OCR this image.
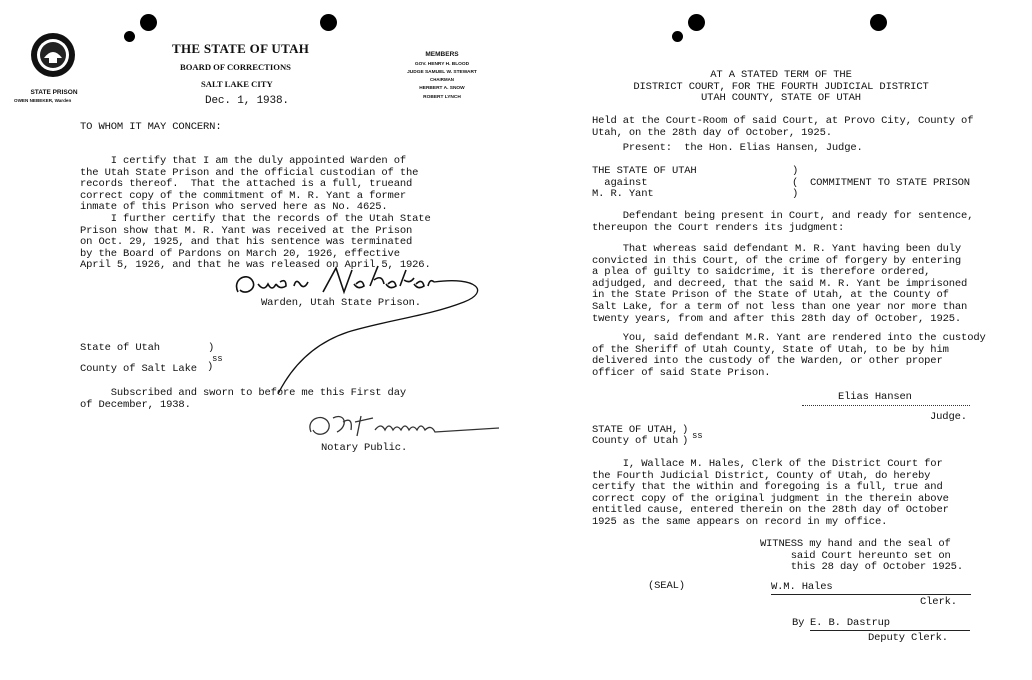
STATE PRISON
OWEN NEBEKER, Warden
THE STATE OF UTAH
BOARD OF CORRECTIONS
SALT LAKE CITY
Dec. 1, 1938.
MEMBERS
GOV. HENRY H. BLOOD
JUDGE SAMUEL W. STEWART
CHAIRMAN
HERBERT A. SNOW
ROBERT LYNCH
TO WHOM IT MAY CONCERN:
I certify that I am the duly appointed Warden of
the Utah State Prison and the official custodian of the
records thereof.  That the attached is a full, trueand
correct copy of the commitment of M. R. Yant a former
inmate of this Prison who served here as No. 4625.
I further certify that the records of the Utah State
Prison show that M. R. Yant was received at the Prison
on Oct. 29, 1925, and that his sentence was terminated
by the Board of Pardons on March 20, 1926, effective
April 5, 1926, and that he was released on April 5, 1926.
Warden, Utah State Prison.
State of Utah	)
ss
County of Salt Lake )
Subscribed and sworn to before me this First day
of December, 1938.
Notary Public.
AT A STATED TERM OF THE
DISTRICT COURT, FOR THE FOURTH JUDICIAL DISTRICT
UTAH COUNTY, STATE OF UTAH
Held at the Court-Room of said Court, at Provo City, County of
Utah, on the 28th day of October, 1925.
Present:  the Hon. Elias Hansen, Judge.
THE STATE OF UTAH
against
M. R. Yant
)
(
)
COMMITMENT TO STATE PRISON
Defendant being present in Court, and ready for sentence,
thereupon the Court renders its judgment:
That whereas said defendant M. R. Yant having been duly
convicted in this Court, of the crime of forgery by entering
a plea of guilty to saidcrime, it is therefore ordered,
adjudged, and decreed, that the said M. R. Yant be imprisoned
in the State Prison of the State of Utah, at the County of
Salt Lake, for a term of not less than one year nor more than
twenty years, from and after this 28th day of October, 1925.
You, said defendant M.R. Yant are rendered into the custody
of the Sheriff of Utah County, State of Utah, to be by him
delivered into the custody of the Warden, or other proper
officer of said State Prison.
Elias Hansen
Judge.
STATE OF UTAH, ) ss
County of Utah )
I, Wallace M. Hales, Clerk of the District Court for
the Fourth Judicial District, County of Utah, do hereby
certify that the within and foregoing is a full, true and
correct copy of the original judgment in the therein above
entitled cause, entered therein on the 28th day of October
1925 as the same appears on record in my office.
WITNESS my hand and the seal of
said Court hereunto set on
this 28 day of October 1925.
(SEAL)	W.M. Hales
Clerk.
By E. B. Dastrup
Deputy Clerk.
